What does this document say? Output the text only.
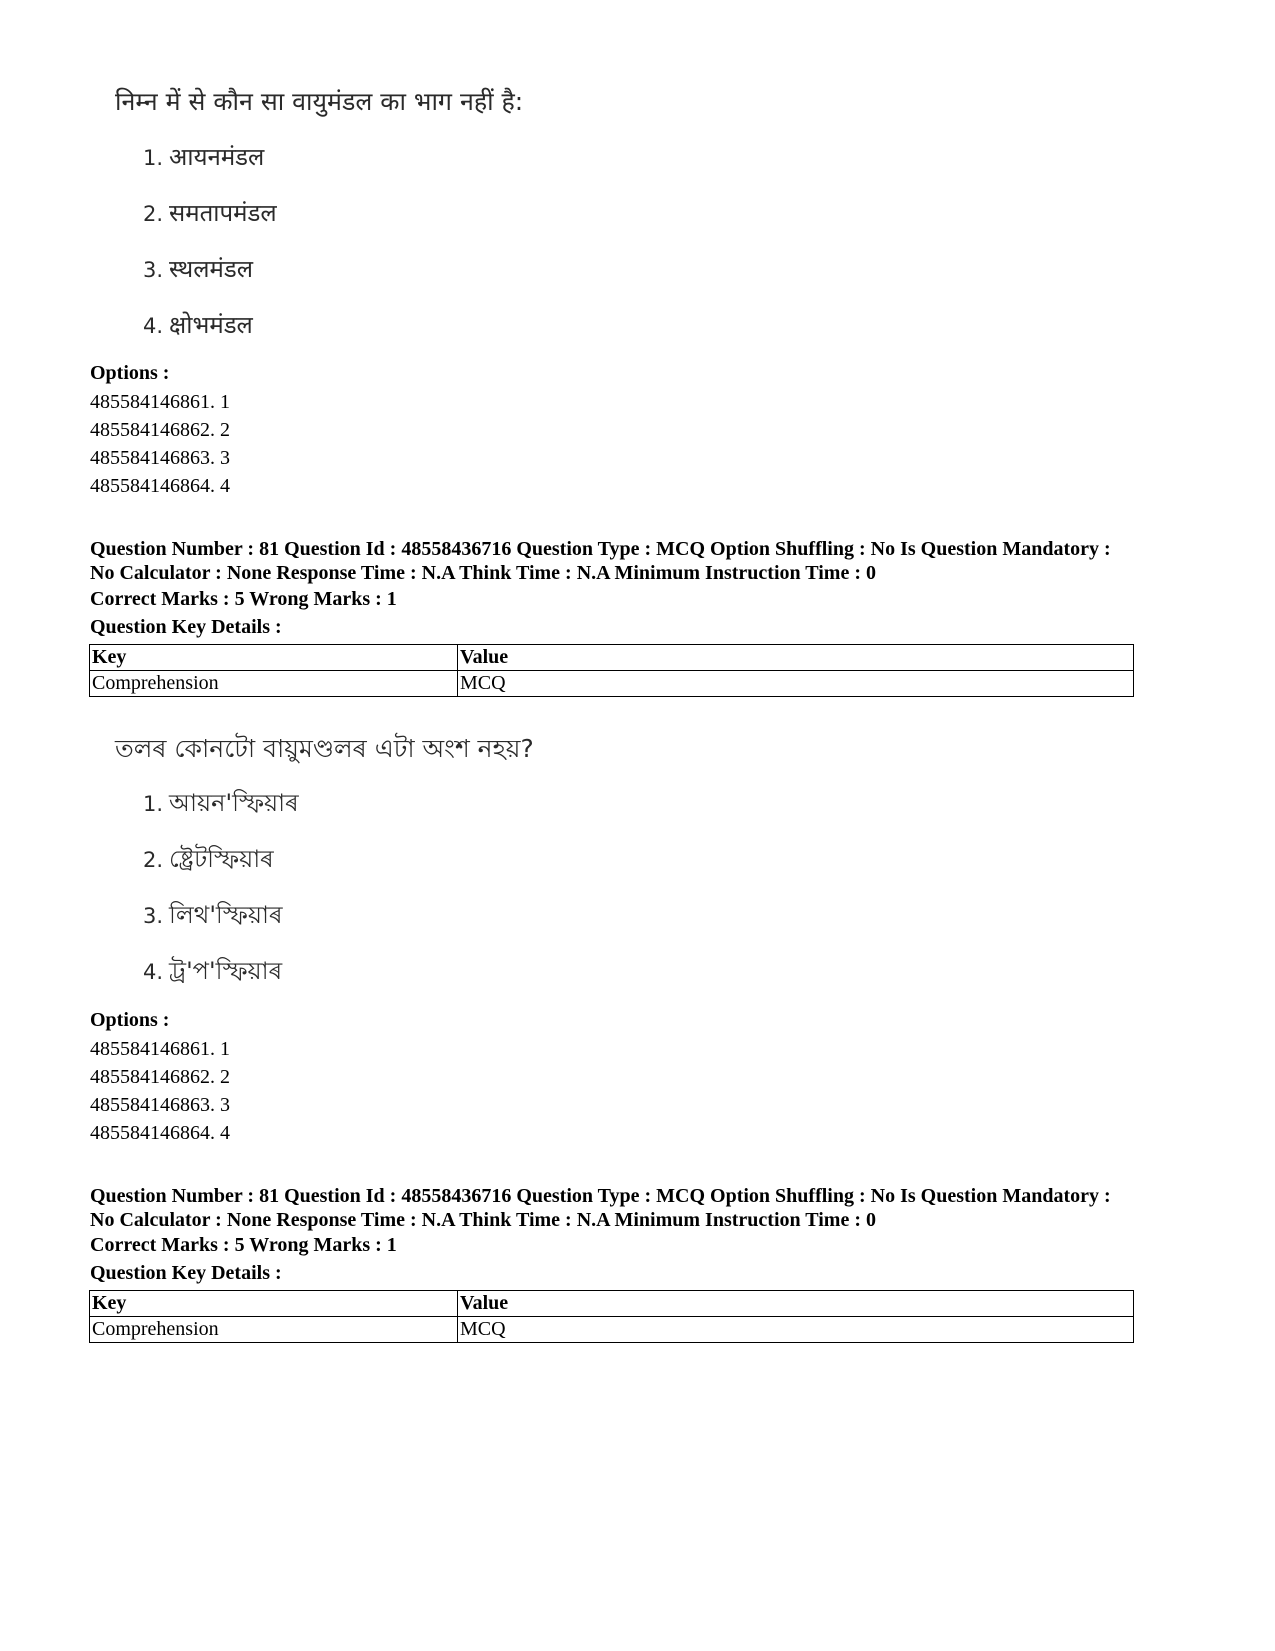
निम्न में से कौन सा वायुमंडल का भाग नहीं है:
1. आयनमंडल
2. समतापमंडल
3. स्थलमंडल
4. क्षोभमंडल
Options :
485584146861. 1
485584146862. 2
485584146863. 3
485584146864. 4
Question Number : 81 Question Id : 48558436716 Question Type : MCQ Option Shuffling : No Is Question Mandatory :
No Calculator : None Response Time : N.A Think Time : N.A Minimum Instruction Time : 0
Correct Marks : 5 Wrong Marks : 1
Question Key Details :
Key	Value
Comprehension	MCQ
তলৰ কোনটো বায়ুমণ্ডলৰ এটা অংশ নহয়?
1. আয়ন'স্ফিয়াৰ
2. ষ্ট্ৰেটস্ফিয়াৰ
3. লিথ'স্ফিয়াৰ
4. ট্ৰ'প'স্ফিয়াৰ
Options :
485584146861. 1
485584146862. 2
485584146863. 3
485584146864. 4
Question Number : 81 Question Id : 48558436716 Question Type : MCQ Option Shuffling : No Is Question Mandatory :
No Calculator : None Response Time : N.A Think Time : N.A Minimum Instruction Time : 0
Correct Marks : 5 Wrong Marks : 1
Question Key Details :
Key	Value
Comprehension	MCQ
